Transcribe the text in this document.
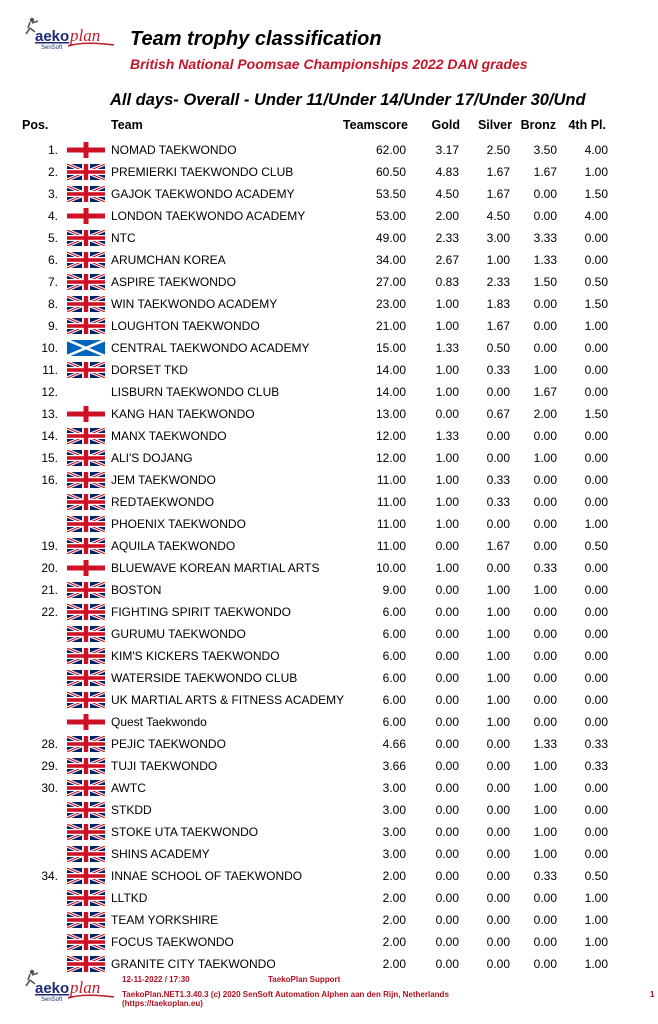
aeko plan
SenSoft	Team trophy classification
British National Poomsae Championships 2022 DAN grades
All days- Overall - Under 11/Under 14/Under 17/Under 30/Und
Pos.	Team	Teamscore Gold Silver Bronz 4th Pl.
1.	NOMAD TAEKWONDO	62.00 3.17 2.50 3.50 4.00
2.	PREMIERKI TAEKWONDO CLUB	60.50 4.83 1.67 1.67 1.00
3.	GAJOK TAEKWONDO ACADEMY	53.50 4.50 1.67 0.00 1.50
4.	LONDON TAEKWONDO ACADEMY	53.00 2.00 4.50 0.00 4.00
5.	NTC	49.00 2.33 3.00 3.33 0.00
6.	ARUMCHAN KOREA	34.00 2.67 1.00 1.33 0.00
7.	ASPIRE TAEKWONDO	27.00 0.83 2.33 1.50 0.50
8.	WIN TAEKWONDO ACADEMY	23.00 1.00 1.83 0.00 1.50
9.	LOUGHTON TAEKWONDO	21.00 1.00 1.67 0.00 1.00
10.	CENTRAL TAEKWONDO ACADEMY	15.00 1.33 0.50 0.00 0.00
11.	DORSET TKD	14.00 1.00 0.33 1.00 0.00
12.	LISBURN TAEKWONDO CLUB	14.00 1.00 0.00 1.67 0.00
13.	KANG HAN TAEKWONDO	13.00 0.00 0.67 2.00 1.50
14.	MANX TAEKWONDO	12.00 1.33 0.00 0.00 0.00
15.	ALI'S DOJANG	12.00 1.00 0.00 1.00 0.00
16.	JEM TAEKWONDO	11.00 1.00 0.33 0.00 0.00
REDTAEKWONDO	11.00 1.00 0.33 0.00 0.00
PHOENIX TAEKWONDO	11.00 1.00 0.00 0.00 1.00
19.	AQUILA TAEKWONDO	11.00 0.00 1.67 0.00 0.50
20.	BLUEWAVE KOREAN MARTIAL ARTS	10.00 1.00 0.00 0.33 0.00
21.	BOSTON	9.00 0.00 1.00 1.00 0.00
22.	FIGHTING SPIRIT TAEKWONDO	6.00 0.00 1.00 0.00 0.00
GURUMU TAEKWONDO	6.00 0.00 1.00 0.00 0.00
KIM'S KICKERS TAEKWONDO	6.00 0.00 1.00 0.00 0.00
WATERSIDE TAEKWONDO CLUB	6.00 0.00 1.00 0.00 0.00
UK MARTIAL ARTS & FITNESS ACADEMY	6.00 0.00 1.00 0.00 0.00
Quest Taekwondo	6.00 0.00 1.00 0.00 0.00
28.	PEJIC TAEKWONDO	4.66 0.00 0.00 1.33 0.33
29.	TUJI TAEKWONDO	3.66 0.00 0.00 1.00 0.33
30.	AWTC	3.00 0.00 0.00 1.00 0.00
STKDD	3.00 0.00 0.00 1.00 0.00
STOKE UTA TAEKWONDO	3.00 0.00 0.00 1.00 0.00
SHINS ACADEMY	3.00 0.00 0.00 1.00 0.00
34.	INNAE SCHOOL OF TAEKWONDO	2.00 0.00 0.00 0.33 0.50
LLTKD	2.00 0.00 0.00 0.00 1.00
TEAM YORKSHIRE	2.00 0.00 0.00 0.00 1.00
FOCUS TAEKWONDO	2.00 0.00 0.00 0.00 1.00
GRANITE CITY TAEKWONDO	2.00 0.00 0.00 0.00 1.00
aeko plan
SenSoft
12-11-2022 / 17:30	TaekoPlan Support
TaekoPlan.NET1.3.40.3 (c) 2020 SenSoft Automation Alphen aan den Rijn, Netherlands
(https://taekoplan.eu)
1
